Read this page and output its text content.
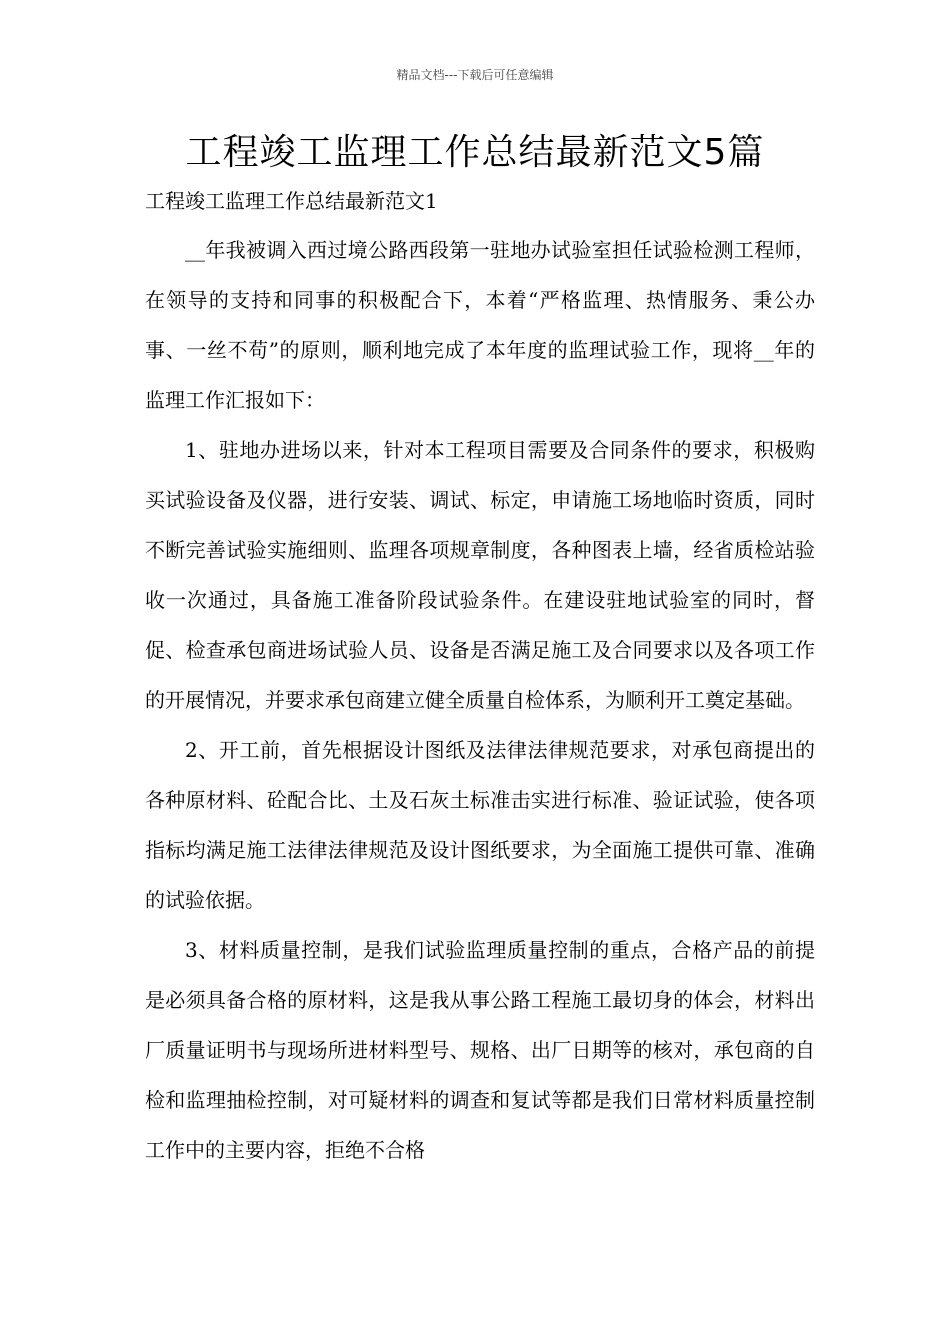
精品文档---下载后可任意编辑
工程竣工监理工作总结最新范文5篇
工程竣工监理工作总结最新范文1

__年我被调入西过境公路西段第一驻地办试验室担任试验检测工程师，在领导的支持和同事的积极配合下，本着“严格监理、热情服务、秉公办事、一丝不苟”的原则，顺利地完成了本年度的监理试验工作，现将__年的监理工作汇报如下：

1、驻地办进场以来，针对本工程项目需要及合同条件的要求，积极购买试验设备及仪器，进行安装、调试、标定，申请施工场地临时资质，同时不断完善试验实施细则、监理各项规章制度，各种图表上墙，经省质检站验收一次通过，具备施工准备阶段试验条件。在建设驻地试验室的同时，督促、检查承包商进场试验人员、设备是否满足施工及合同要求以及各项工作的开展情况，并要求承包商建立健全质量自检体系，为顺利开工奠定基础。

2、开工前，首先根据设计图纸及法律法律规范要求，对承包商提出的各种原材料、砼配合比、土及石灰土标准击实进行标准、验证试验，使各项指标均满足施工法律法律规范及设计图纸要求，为全面施工提供可靠、准确的试验依据。

3、材料质量控制，是我们试验监理质量控制的重点，合格产品的前提是必须具备合格的原材料，这是我从事公路工程施工最切身的体会，材料出厂质量证明书与现场所进材料型号、规格、出厂日期等的核对，承包商的自检和监理抽检控制，对可疑材料的调查和复试等都是我们日常材料质量控制工作中的主要内容，拒绝不合格
